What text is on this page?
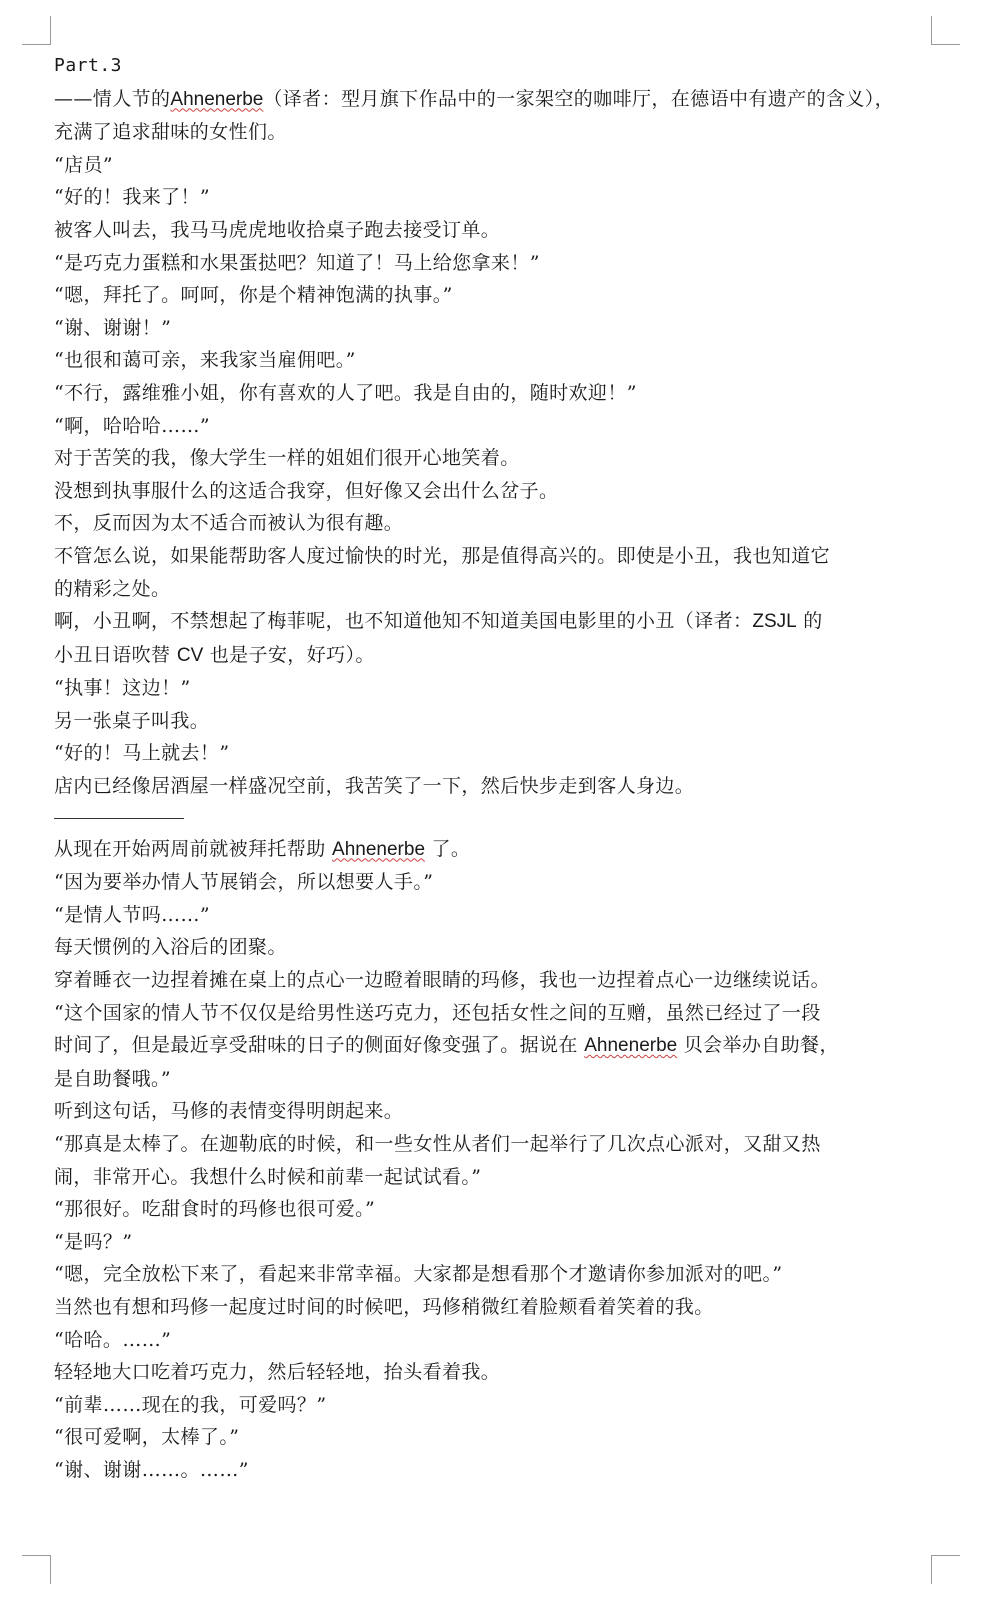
Part.3
——情人节的Ahnenerbe（译者：型月旗下作品中的一家架空的咖啡厅，在德语中有遗产的含义），
充满了追求甜味的女性们。
“店员”
“好的！我来了！”
被客人叫去，我马马虎虎地收拾桌子跑去接受订单。
“是巧克力蛋糕和水果蛋挞吧？知道了！马上给您拿来！”
“嗯，拜托了。呵呵，你是个精神饱满的执事。”
“谢、谢谢！”
“也很和蔼可亲，来我家当雇佣吧。”
“不行，露维雅小姐，你有喜欢的人了吧。我是自由的，随时欢迎！”
“啊，哈哈哈……”
对于苦笑的我，像大学生一样的姐姐们很开心地笑着。
没想到执事服什么的这适合我穿，但好像又会出什么岔子。
不，反而因为太不适合而被认为很有趣。
不管怎么说，如果能帮助客人度过愉快的时光，那是值得高兴的。即使是小丑，我也知道它
的精彩之处。
啊，小丑啊，不禁想起了梅菲呢，也不知道他知不知道美国电影里的小丑（译者：ZSJL 的
小丑日语吹替 CV 也是子安，好巧）。
“执事！这边！”
另一张桌子叫我。
“好的！马上就去！”
店内已经像居酒屋一样盛况空前，我苦笑了一下，然后快步走到客人身边。
从现在开始两周前就被拜托帮助 Ahnenerbe 了。
“因为要举办情人节展销会，所以想要人手。”
“是情人节吗……”
每天惯例的入浴后的团聚。
穿着睡衣一边捏着摊在桌上的点心一边瞪着眼睛的玛修，我也一边捏着点心一边继续说话。
“这个国家的情人节不仅仅是给男性送巧克力，还包括女性之间的互赠，虽然已经过了一段
时间了，但是最近享受甜味的日子的侧面好像变强了。据说在 Ahnenerbe 贝会举办自助餐，
是自助餐哦。”
听到这句话，马修的表情变得明朗起来。
“那真是太棒了。在迦勒底的时候，和一些女性从者们一起举行了几次点心派对，又甜又热
闹，非常开心。我想什么时候和前辈一起试试看。”
“那很好。吃甜食时的玛修也很可爱。”
“是吗？”
“嗯，完全放松下来了，看起来非常幸福。大家都是想看那个才邀请你参加派对的吧。”
当然也有想和玛修一起度过时间的时候吧，玛修稍微红着脸颊看着笑着的我。
“哈哈。……”
轻轻地大口吃着巧克力，然后轻轻地，抬头看着我。
“前辈……现在的我，可爱吗？”
“很可爱啊，太棒了。”
“谢、谢谢……。……”
